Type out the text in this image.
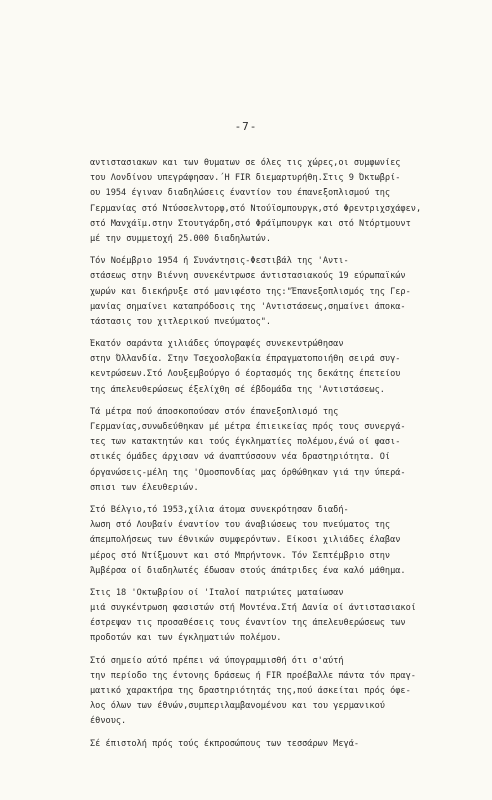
-7-
αντιστασιακων και των θυματων σε όλες τις χώρες,οι συμφωνίες
του Λονδίνου υπεγράφησαν.΄Η FIR διεμαρτυρήθη.Στις 9 Όκτωβρί-
ου 1954 έγιναν διαδηλώσεις έναντίον του έπανεξοπλισμού της
Γερμανίας στό Ντύσσελντορφ,στό Ντούϊσμπουργκ,στό Φρεντριχσχάφεν,
στό Μανχάϊμ.στην Στουτγάρδη,στό Φράϊμπουργκ και στό Ντόρτμουντ
μέ την συμμετοχή 25.000 διαδηλωτών.
Τόν Νοέμβριο 1954 ή Συνάντησις-Φεστιβάλ της 'Αντι-
στάσεως στην Βιέννη συνεκέντρωσε άντιστασιακούς 19 εύρωπαϊκών
χωρών και διεκήρυξε στό μανιφέστο της:"Έπανεξοπλισμός της Γερ-
μανίας σημαίνει καταπρόδοσις της 'Αντιστάσεως,σημαίνει άποκα-
τάστασις του χιτλερικού πνεύματος".
Έκατόν σαράντα χιλιάδες ύπογραφές συνεκεντρώθησαν
στην Όλλανδία. Στην Τσεχοσλοβακία έπραγματοποιήθη σειρά συγ-
κεντρώσεων.Στό Λουξεμβούργο ό έορτασμός της δεκάτης έπετείου
της άπελευθερώσεως έξελίχθη σέ έβδομάδα της 'Αντιστάσεως.
Τά μέτρα πού άποσκοπούσαν στόν έπανεξοπλισμό της
Γερμανίας,συνωδεύθηκαν μέ μέτρα έπιεικείας πρός τους συνεργά-
τες των κατακτητών και τούς έγκληματίες πολέμου,ένώ οί φασι-
στικές όμάδες άρχισαν νά άναπτύσσουν νέα δραστηριότητα. Οί
όργανώσεις-μέλη της 'Ομοσπονδίας μας όρθώθηκαν γιά την ύπερά-
σπισι των έλευθεριών.
Στό Βέλγιο,τό 1953,χίλια άτομα συνεκρότησαν διαδή-
λωση στό Λουβαίν έναντίον του άναβιώσεως του πνεύματος της
άπεμπολήσεως των έθνικών συμφερόντων. Είκοσι χιλιάδες έλαβαν
μέρος στό Ντίξμουντ και στό Μπρήντονκ. Τόν Σεπτέμβριο στην
Άμβέρσα οί διαδηλωτές έδωσαν στούς άπάτριδες ένα καλό μάθημα.
Στις 18 'Οκτωβρίου οί 'Ιταλοί πατριώτες ματαίωσαν
μιά συγκέντρωση φασιστών στή Μοντένα.Στή Δανία οί άντιστασιακοί
έστρεψαν τις προσαθέσεις τους έναντίον της άπελευθερώσεως των
προδοτών και των έγκληματιών πολέμου.
Στό σημείο αύτό πρέπει νά ύπογραμμισθή ότι σ'αύτή
την περίοδο της έντονης δράσεως ή FIR προέβαλλε πάντα τόν πραγ-
ματικό χαρακτήρα της δραστηριότητάς της,πού άσκείται πρός όφε-
λος όλων των έθνών,συμπεριλαμβανομένου και του γερμανικού
έθνους.
Σέ έπιστολή πρός τούς έκπροσώπους των τεσσάρων Μεγά-
